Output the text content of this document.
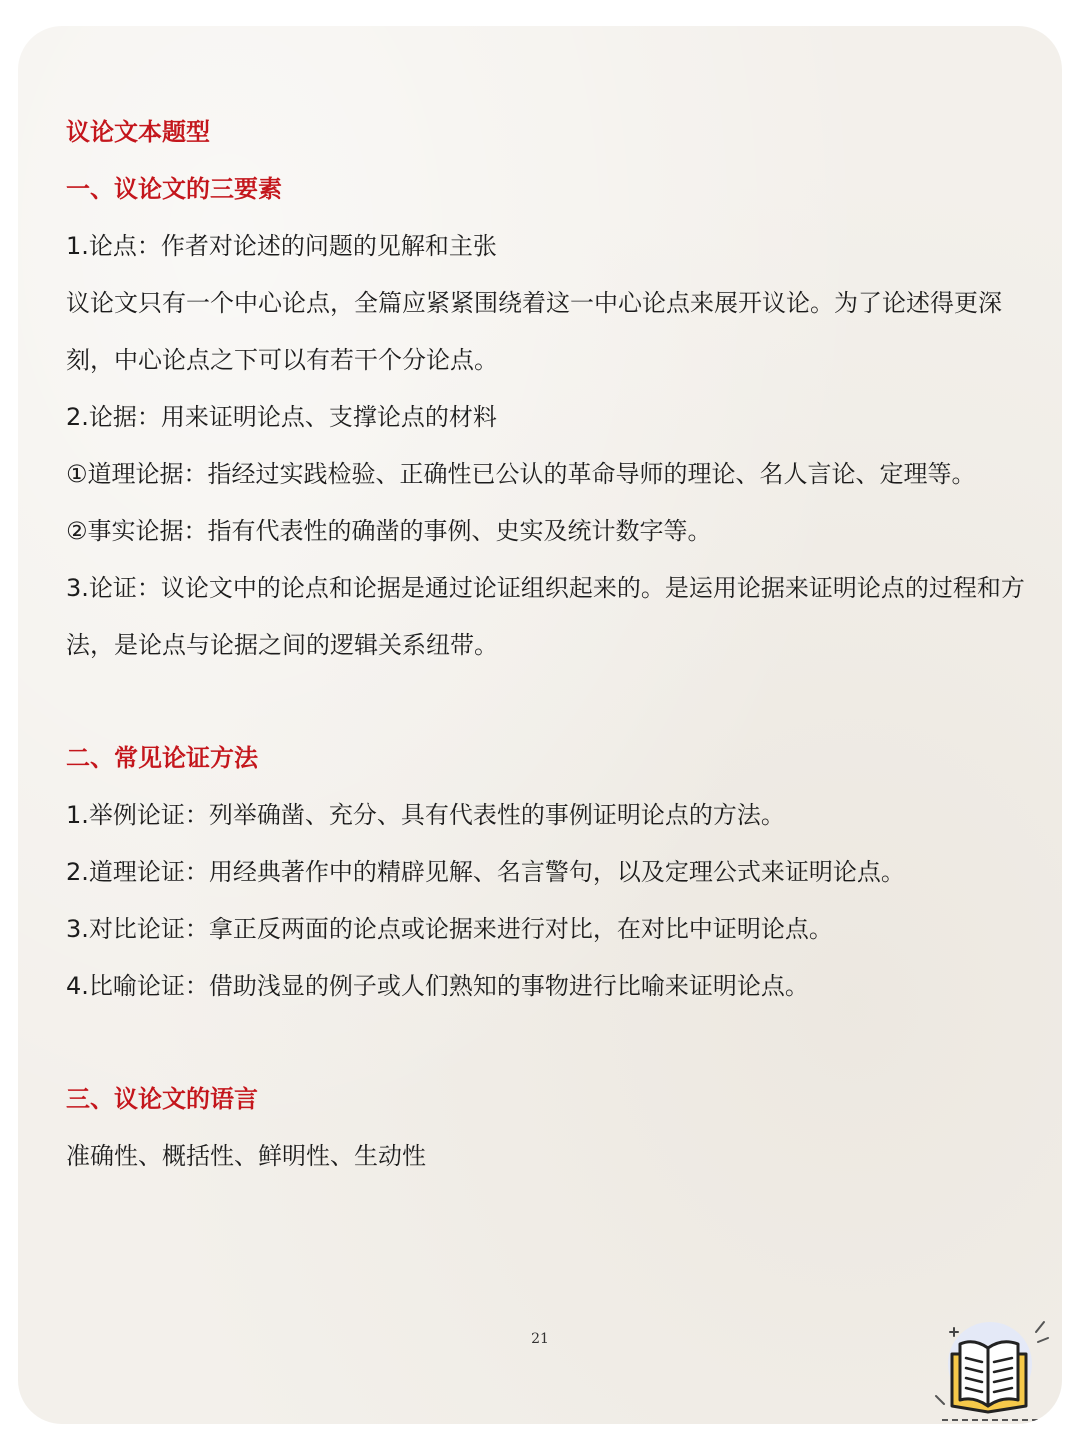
议论文本题型
一、议论文的三要素
1.论点：作者对论述的问题的见解和主张
议论文只有一个中心论点，全篇应紧紧围绕着这一中心论点来展开议论。为了论述得更深刻，中心论点之下可以有若干个分论点。
2.论据：用来证明论点、支撑论点的材料
①道理论据：指经过实践检验、正确性已公认的革命导师的理论、名人言论、定理等。
②事实论据：指有代表性的确凿的事例、史实及统计数字等。
3.论证：议论文中的论点和论据是通过论证组织起来的。是运用论据来证明论点的过程和方法，是论点与论据之间的逻辑关系纽带。
二、常见论证方法
1.举例论证：列举确凿、充分、具有代表性的事例证明论点的方法。
2.道理论证：用经典著作中的精辟见解、名言警句，以及定理公式来证明论点。
3.对比论证：拿正反两面的论点或论据来进行对比，在对比中证明论点。
4.比喻论证：借助浅显的例子或人们熟知的事物进行比喻来证明论点。
三、议论文的语言
准确性、概括性、鲜明性、生动性
21
